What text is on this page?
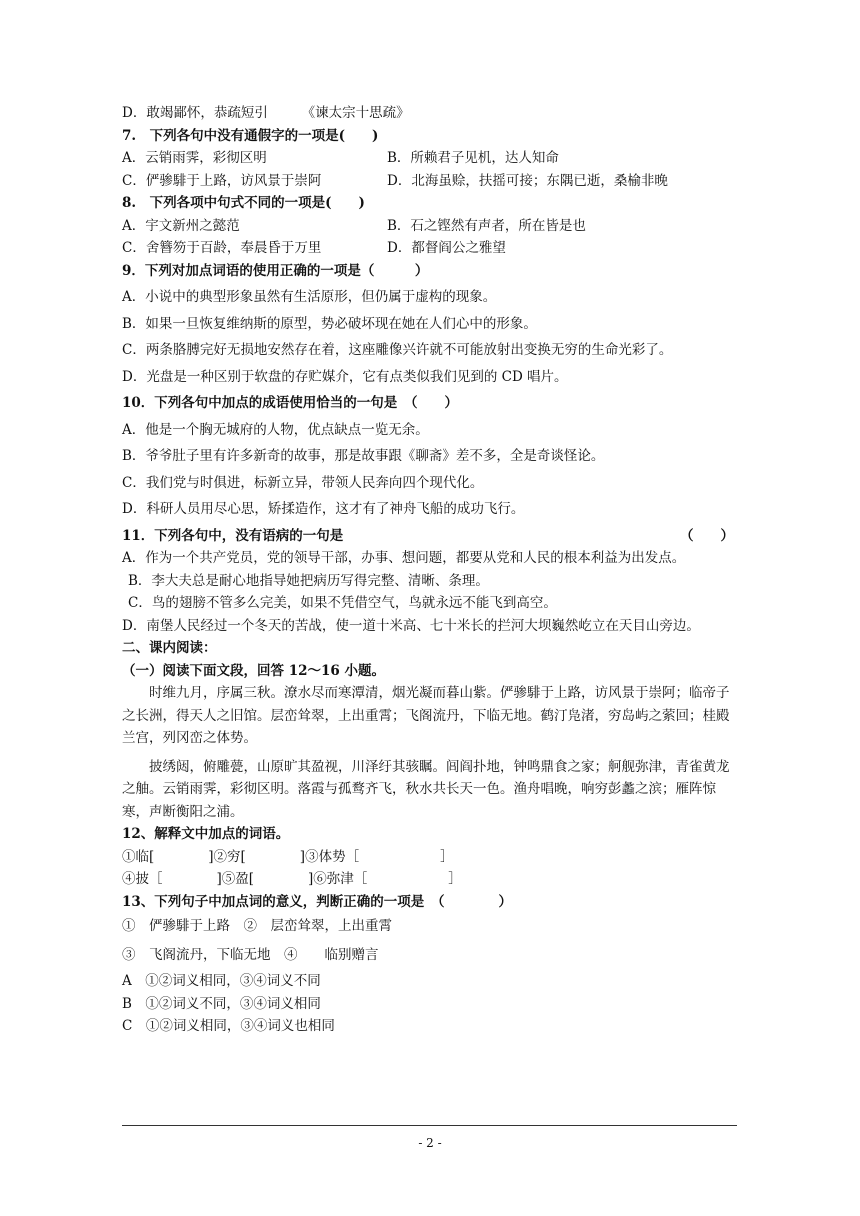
D．敢竭鄙怀，恭疏短引　　　《谏太宗十思疏》
7.　下列各句中没有通假字的一项是(　　)
A．云销雨霁，彩彻区明	B．所赖君子见机，达人知命
C．俨骖騑于上路，访风景于崇阿	D．北海虽赊，扶摇可接；东隅已逝，桑榆非晚
8.　下列各项中句式不同的一项是(　　)
A．宇文新州之懿范	B．石之铿然有声者，所在皆是也
C．舍簪笏于百龄，奉晨昏于万里	D．都督阎公之雅望
9．下列对加点词语的使用正确的一项是（　　　）
A．小说中的典型形象虽然有生活原形，但仍属于虚构的现象。
B．如果一旦恢复维纳斯的原型，势必破坏现在她在人们心中的形象。
C．两条胳膊完好无损地安然存在着，这座雕像兴许就不可能放射出变换无穷的生命光彩了。
D．光盘是一种区别于软盘的存贮媒介，它有点类似我们见到的 CD 唱片。
10．下列各句中加点的成语使用恰当的一句是　（　　）
A．他是一个胸无城府的人物，优点缺点一览无余。
B．爷爷肚子里有许多新奇的故事，那是故事跟《聊斋》差不多，全是奇谈怪论。
C．我们党与时俱进，标新立异，带领人民奔向四个现代化。
D．科研人员用尽心思，矫揉造作，这才有了神舟飞船的成功飞行。
11．下列各句中，没有语病的一句是	（　　）
A．作为一个共产党员，党的领导干部，办事、想问题，都要从党和人民的根本利益为出发点。
B．李大夫总是耐心地指导她把病历写得完整、清晰、条理。
C．鸟的翅膀不管多么完美，如果不凭借空气，鸟就永远不能飞到高空。
D．南堡人民经过一个冬天的苦战，使一道十米高、七十米长的拦河大坝巍然屹立在天目山旁边。
二、课内阅读：
（一）阅读下面文段，回答 12～16 小题。
时维九月，序属三秋。潦水尽而寒潭清，烟光凝而暮山紫。俨骖騑于上路，访风景于崇阿；临帝子之长洲，得天人之旧馆。层峦耸翠，上出重霄；飞阁流丹，下临无地。鹤汀凫渚，穷岛屿之萦回；桂殿兰宫，列冈峦之体势。
披绣闼，俯雕甍，山原旷其盈视，川泽纡其骇瞩。闾阎扑地，钟鸣鼎食之家；舸舰弥津，青雀黄龙之舳。云销雨霁，彩彻区明。落霞与孤鹜齐飞，秋水共长天一色。渔舟唱晚，响穷彭蠡之滨；雁阵惊寒，声断衡阳之浦。
12、解释文中加点的词语。
①临[　　　　]②穷[　　　　]③体势［　　　　　　］
④披［　　　　]⑤盈[　　　　]⑥弥津［　　　　　　］
13、下列句子中加点词的意义，判断正确的一项是　（　　　　）
①　俨骖騑于上路　②　层峦耸翠，上出重霄
③　飞阁流丹，下临无地　④　　临别赠言
A　①②词义相同，③④词义不同
B　①②词义不同，③④词义相同
C　①②词义相同，③④词义也相同
- 2 -
